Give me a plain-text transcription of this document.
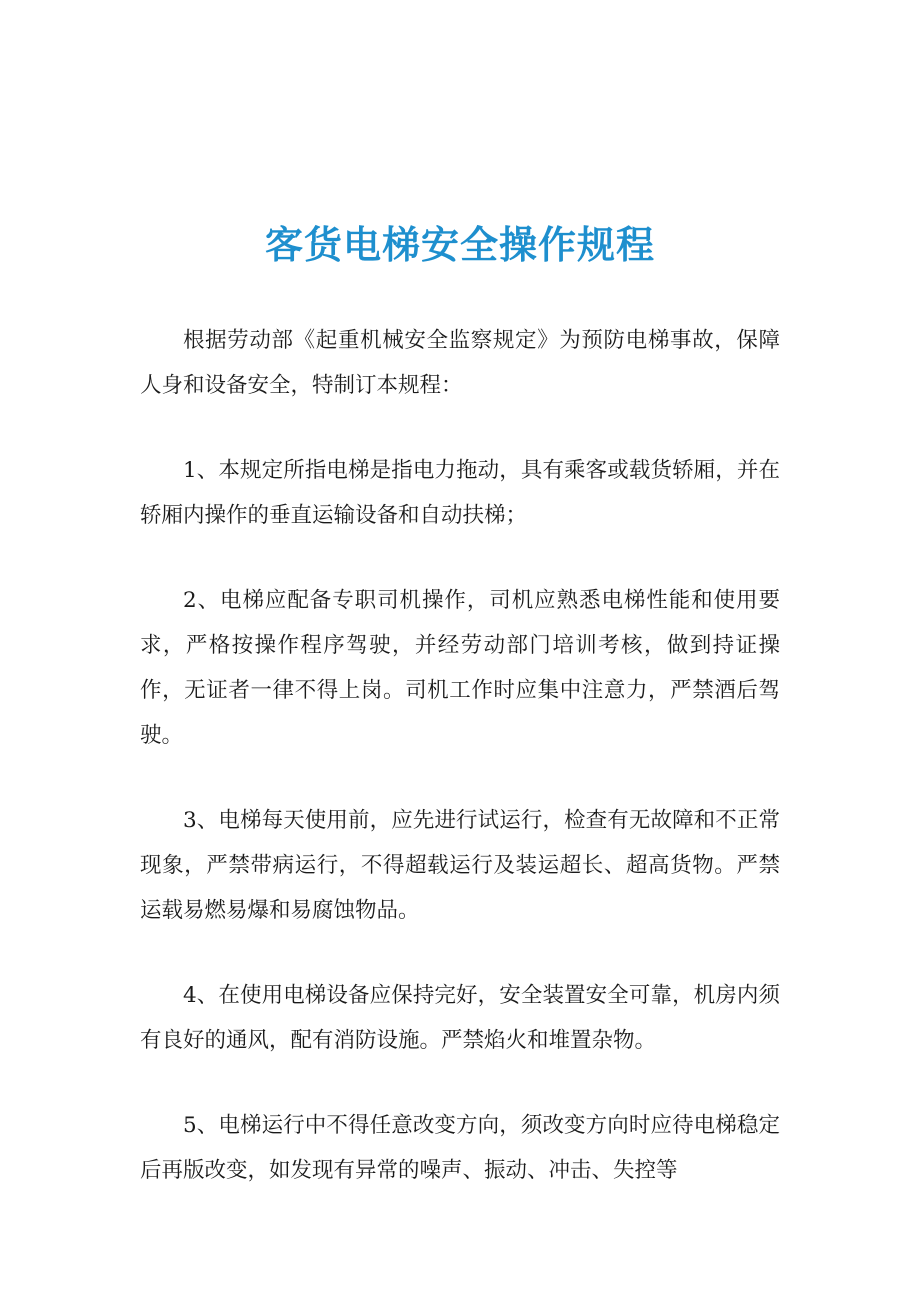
客货电梯安全操作规程

根据劳动部《起重机械安全监察规定》为预防电梯事故，保障人身和设备安全，特制订本规程：

1、本规定所指电梯是指电力拖动，具有乘客或载货轿厢，并在轿厢内操作的垂直运输设备和自动扶梯；

2、电梯应配备专职司机操作，司机应熟悉电梯性能和使用要求，严格按操作程序驾驶，并经劳动部门培训考核，做到持证操作，无证者一律不得上岗。司机工作时应集中注意力，严禁酒后驾驶。

3、电梯每天使用前，应先进行试运行，检查有无故障和不正常现象，严禁带病运行，不得超载运行及装运超长、超高货物。严禁运载易燃易爆和易腐蚀物品。

4、在使用电梯设备应保持完好，安全装置安全可靠，机房内须有良好的通风，配有消防设施。严禁焰火和堆置杂物。

5、电梯运行中不得任意改变方向，须改变方向时应待电梯稳定后再版改变，如发现有异常的噪声、振动、冲击、失控等
